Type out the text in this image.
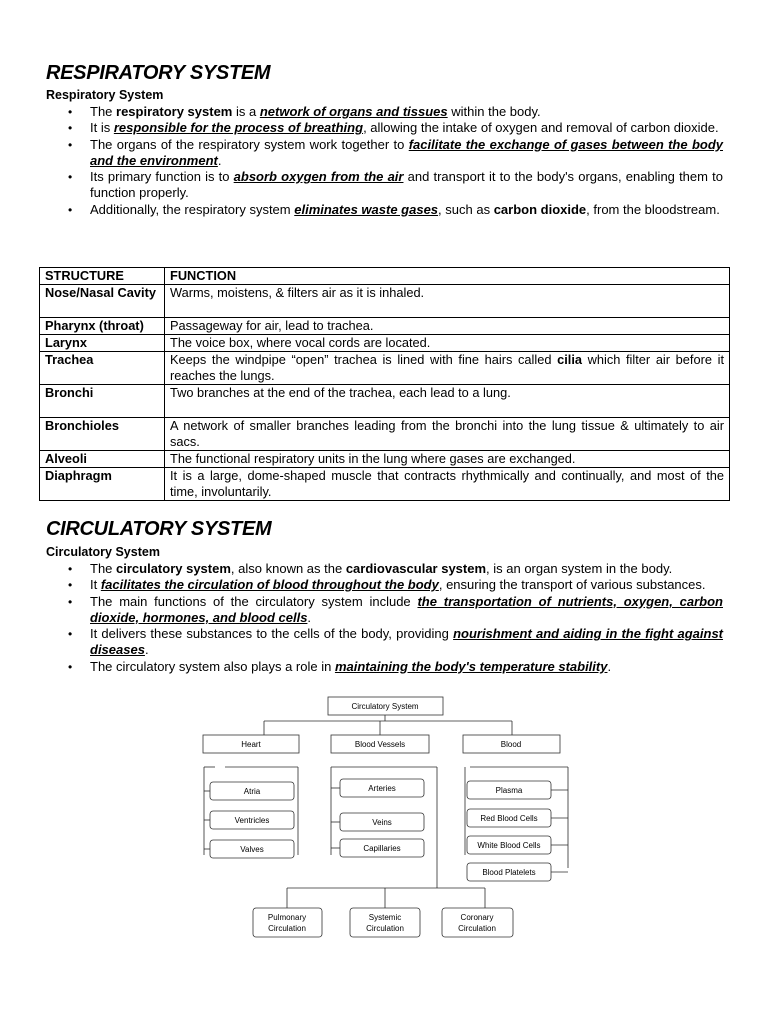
RESPIRATORY SYSTEM

Respiratory System

• The respiratory system is a network of organs and tissues within the body.
• It is responsible for the process of breathing, allowing the intake of oxygen and removal of carbon dioxide.
• The organs of the respiratory system work together to facilitate the exchange of gases between the body and the environment.
• Its primary function is to absorb oxygen from the air and transport it to the body's organs, enabling them to function properly.
• Additionally, the respiratory system eliminates waste gases, such as carbon dioxide, from the bloodstream.
STRUCTURE	FUNCTION
Nose/Nasal Cavity	Warms, moistens, & filters air as it is inhaled.
Pharynx (throat)	Passageway for air, lead to trachea.
Larynx	The voice box, where vocal cords are located.
Trachea	Keeps the windpipe “open” trachea is lined with fine hairs called cilia which filter air before it reaches the lungs.
Bronchi	Two branches at the end of the trachea, each lead to a lung.
Bronchioles	A network of smaller branches leading from the bronchi into the lung tissue & ultimately to air sacs.
Alveoli	The functional respiratory units in the lung where gases are exchanged.
Diaphragm	It is a large, dome-shaped muscle that contracts rhythmically and continually, and most of the time, involuntarily.
CIRCULATORY SYSTEM

Circulatory System

• The circulatory system, also known as the cardiovascular system, is an organ system in the body.
• It facilitates the circulation of blood throughout the body, ensuring the transport of various substances.
• The main functions of the circulatory system include the transportation of nutrients, oxygen, carbon dioxide, hormones, and blood cells.
• It delivers these substances to the cells of the body, providing nourishment and aiding in the fight against diseases.
• The circulatory system also plays a role in maintaining the body's temperature stability.
Circulatory System
Heart	Blood Vessels	Blood
Atria
Ventricles
Valves
Arteries
Veins
Capillaries
Plasma
Red Blood Cells
White Blood Cells
Blood Platelets
Pulmonary
Circulation
Systemic
Circulation
Coronary
Circulation
